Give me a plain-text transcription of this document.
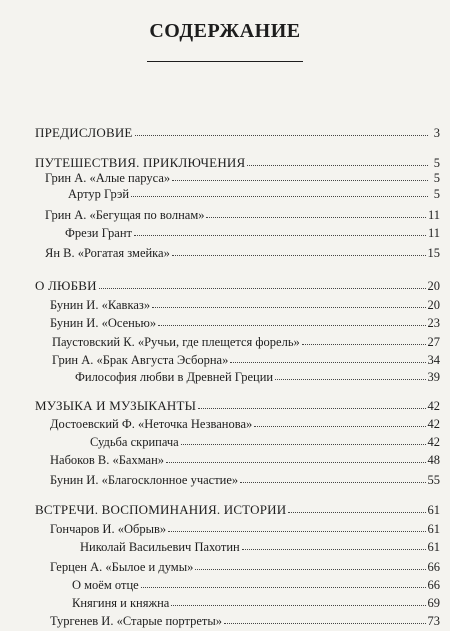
СОДЕРЖАНИЕ
ПРЕДИСЛОВИЕ	3
ПУТЕШЕСТВИЯ. ПРИКЛЮЧЕНИЯ	5
Грин А. «Алые паруса»	5
Артур Грэй	5
Грин А. «Бегущая по волнам»	11
Фрези Грант	11
Ян В. «Рогатая змейка»	15
О ЛЮБВИ	20
Бунин И. «Кавказ»	20
Бунин И. «Осенью»	23
Паустовский К. «Ручьи, где плещется форель»	27
Грин А. «Брак Августа Эсборна»	34
Философия любви в Древней Греции	39
МУЗЫКА И МУЗЫКАНТЫ	42
Достоевский Ф. «Неточка Незванова»	42
Судьба скрипача	42
Набоков В. «Бахман»	48
Бунин И. «Благосклонное участие»	55
ВСТРЕЧИ. ВОСПОМИНАНИЯ. ИСТОРИИ	61
Гончаров И. «Обрыв»	61
Николай Васильевич Пахотин	61
Герцен А. «Былое и думы»	66
О моём отце	66
Княгиня и княжна	69
Тургенев И. «Старые портреты»	73
